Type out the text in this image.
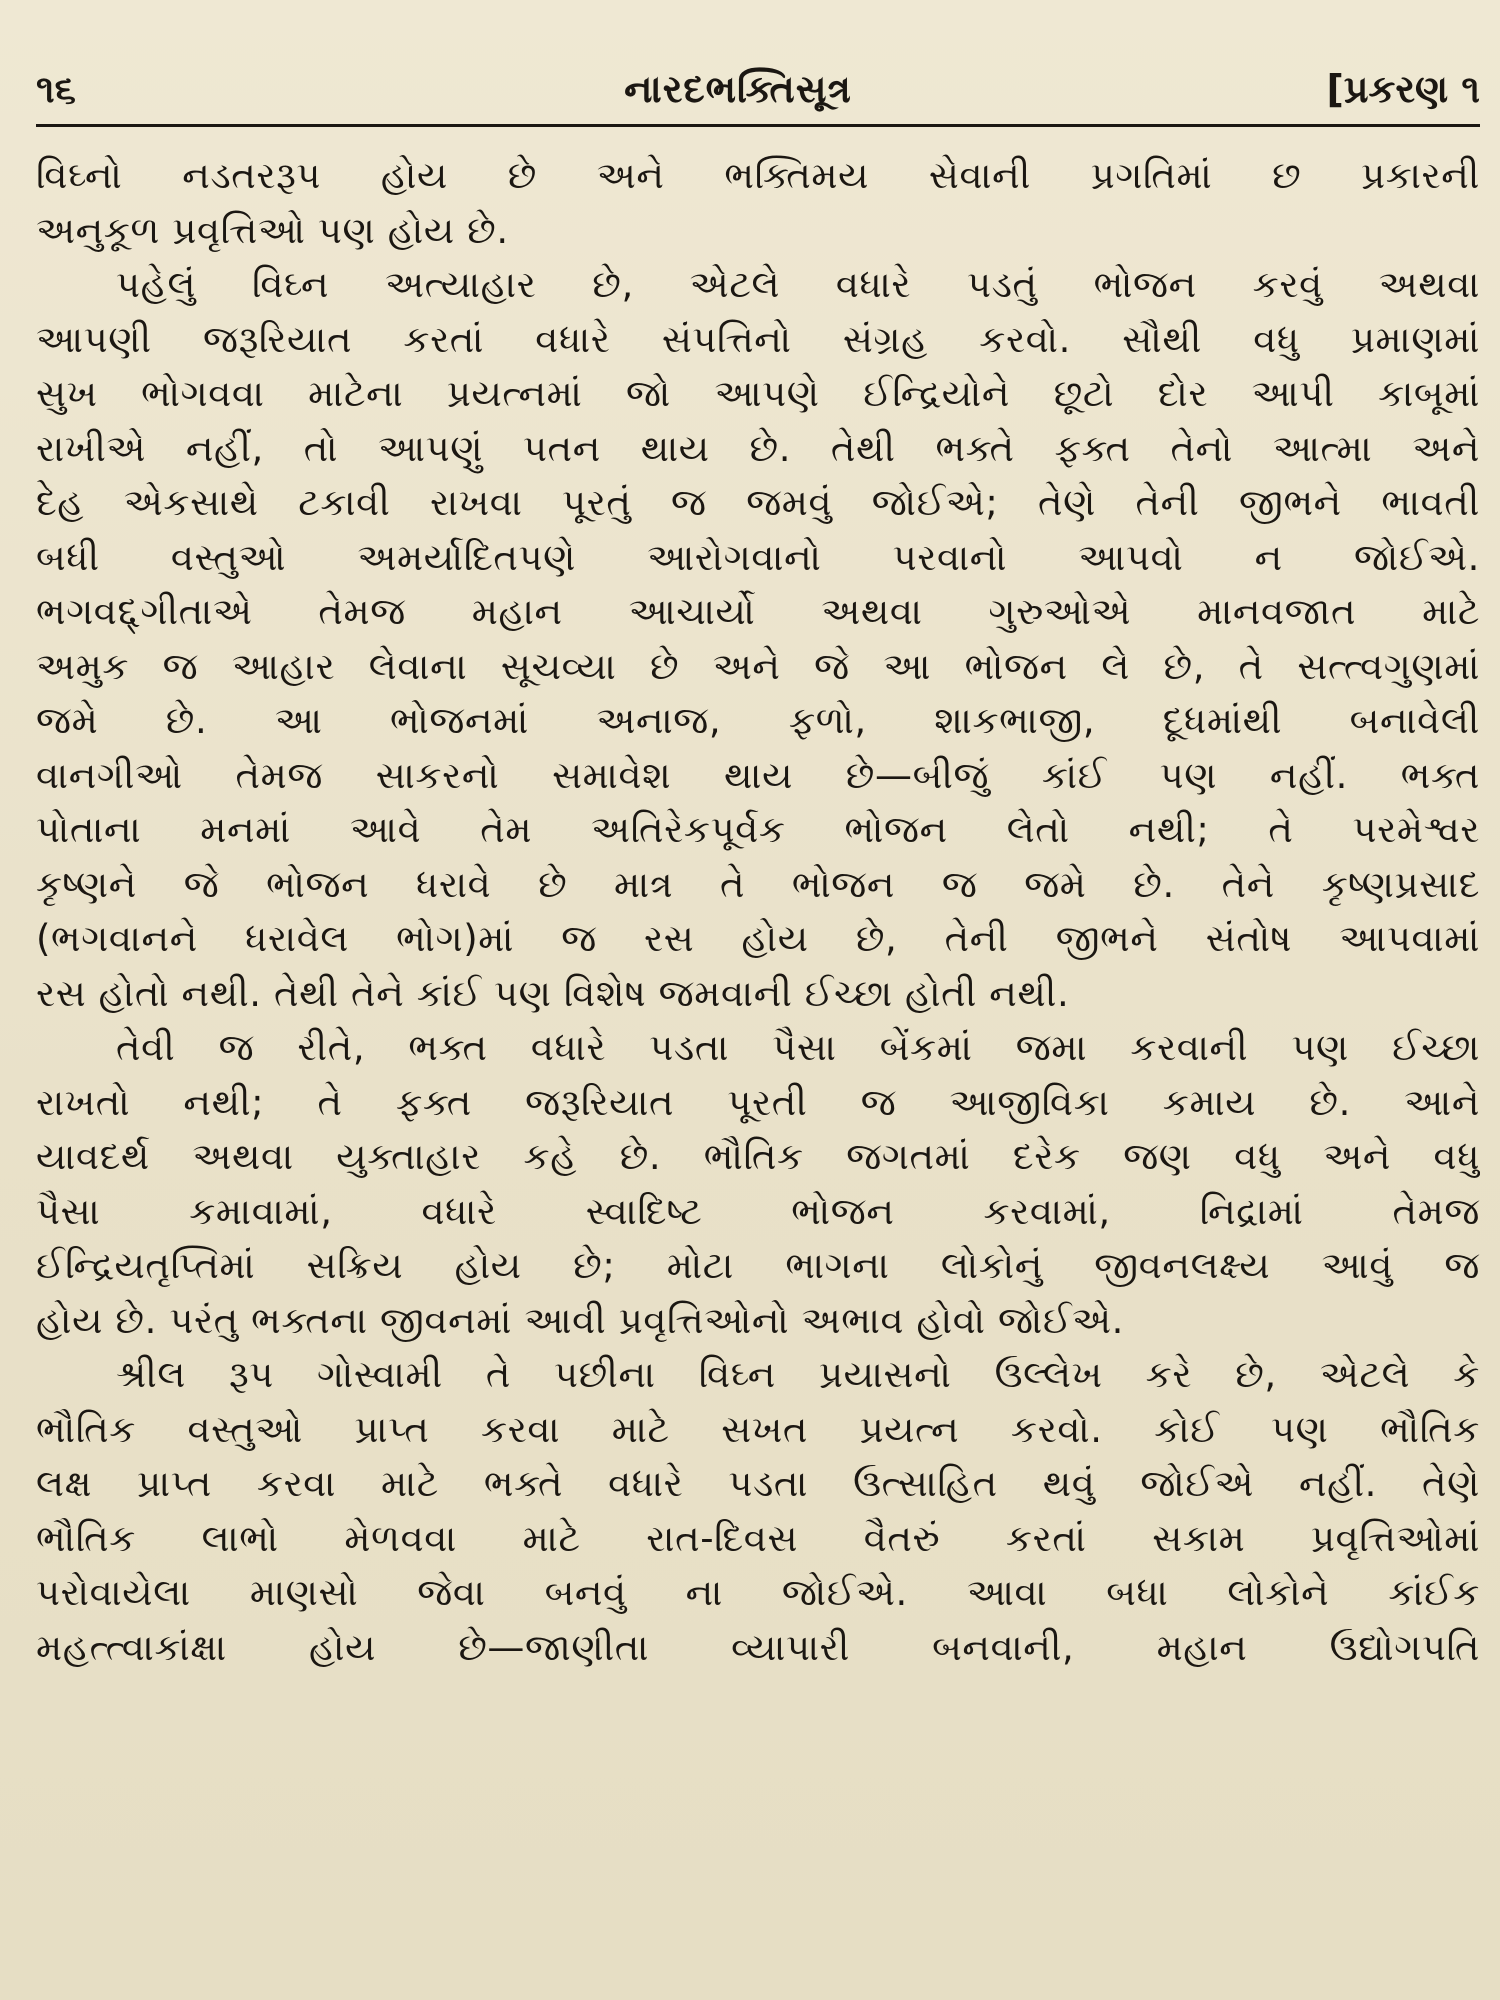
૧૬	નારદભક્તિસૂત્ર	[પ્રકરણ ૧
વિઘ્નો નડતરરૂપ હોય છે અને ભક્તિમય સેવાની પ્રગતિમાં છ પ્રકારની
અનુકૂળ પ્રવૃત્તિઓ પણ હોય છે.
પહેલું વિઘ્ન અત્યાહાર છે, એટલે વધારે પડતું ભોજન કરવું અથવા
આપણી જરૂરિયાત કરતાં વધારે સંપત્તિનો સંગ્રહ કરવો. સૌથી વધુ પ્રમાણમાં
સુખ ભોગવવા માટેના પ્રયત્નમાં જો આપણે ઈન્દ્રિયોને છૂટો દોર આપી કાબૂમાં
રાખીએ નહીં, તો આપણું પતન થાય છે. તેથી ભક્તે ફક્ત તેનો આત્મા અને
દેહ એકસાથે ટકાવી રાખવા પૂરતું જ જમવું જોઈએ; તેણે તેની જીભને ભાવતી
બધી વસ્તુઓ અમર્યાદિતપણે આરોગવાનો પરવાનો આપવો ન જોઈએ.
ભગવદ્દ્ગીતાએ તેમજ મહાન આચાર્યો અથવા ગુરુઓએ માનવજાત માટે
અમુક જ આહાર લેવાના સૂચવ્યા છે અને જે આ ભોજન લે છે, તે સત્ત્વગુણમાં
જમે છે. આ ભોજનમાં અનાજ, ફળો, શાકભાજી, દૂધમાંથી બનાવેલી
વાનગીઓ તેમજ સાકરનો સમાવેશ થાય છે—બીજું કાંઈ પણ નહીં. ભક્ત
પોતાના મનમાં આવે તેમ અતિરેકપૂર્વક ભોજન લેતો નથી; તે પરમેશ્વર
કૃષ્ણને જે ભોજન ધરાવે છે માત્ર તે ભોજન જ જમે છે. તેને કૃષ્ણપ્રસાદ
(ભગવાનને ધરાવેલ ભોગ)માં જ રસ હોય છે, તેની જીભને સંતોષ આપવામાં
રસ હોતો નથી. તેથી તેને કાંઈ પણ વિશેષ જમવાની ઈચ્છા હોતી નથી.
તેવી જ રીતે, ભક્ત વધારે પડતા પૈસા બેંકમાં જમા કરવાની પણ ઈચ્છા
રાખતો નથી; તે ફક્ત જરૂરિયાત પૂરતી જ આજીવિકા કમાય છે. આને
યાવદર્થ અથવા યુક્તાહાર કહે છે. ભૌતિક જગતમાં દરેક જણ વધુ અને વધુ
પૈસા કમાવામાં, વધારે સ્વાદિષ્ટ ભોજન કરવામાં, નિદ્રામાં તેમજ
ઈન્દ્રિયતૃપ્તિમાં સક્રિય હોય છે; મોટા ભાગના લોકોનું જીવનલક્ષ્ય આવું જ
હોય છે. પરંતુ ભક્તના જીવનમાં આવી પ્રવૃત્તિઓનો અભાવ હોવો જોઈએ.
શ્રીલ રૂપ ગોસ્વામી તે પછીના વિઘ્ન પ્રયાસનો ઉલ્લેખ કરે છે, એટલે કે
ભૌતિક વસ્તુઓ પ્રાપ્ત કરવા માટે સખત પ્રયત્ન કરવો. કોઈ પણ ભૌતિક
લક્ષ પ્રાપ્ત કરવા માટે ભક્તે વધારે પડતા ઉત્સાહિત થવું જોઈએ નહીં. તેણે
ભૌતિક લાભો મેળવવા માટે રાત-દિવસ વૈતરું કરતાં સકામ પ્રવૃત્તિઓમાં
પરોવાયેલા માણસો જેવા બનવું ના જોઈએ. આવા બધા લોકોને કાંઈક
મહત્ત્વાકાંક્ષા હોય છે—જાણીતા વ્યાપારી બનવાની, મહાન ઉદ્યોગપતિ
